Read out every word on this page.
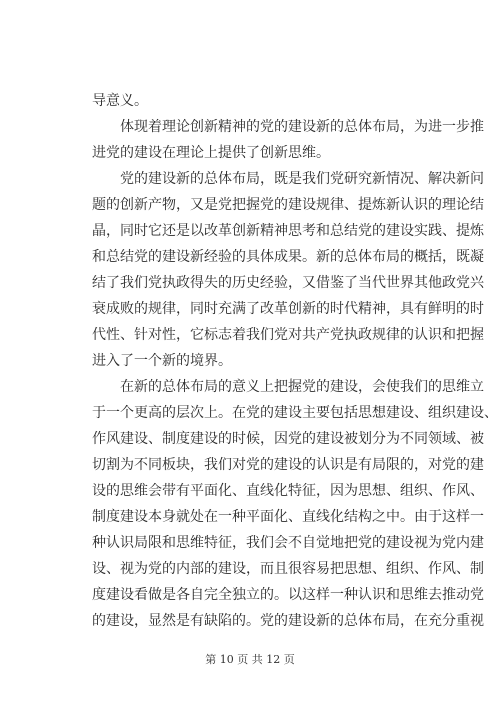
导意义。
体现着理论创新精神的党的建设新的总体布局，为进一步推
进党的建设在理论上提供了创新思维。
党的建设新的总体布局，既是我们党研究新情况、解决新问
题的创新产物，又是党把握党的建设规律、提炼新认识的理论结
晶，同时它还是以改革创新精神思考和总结党的建设实践、提炼
和总结党的建设新经验的具体成果。新的总体布局的概括，既凝
结了我们党执政得失的历史经验，又借鉴了当代世界其他政党兴
衰成败的规律，同时充满了改革创新的时代精神，具有鲜明的时
代性、针对性，它标志着我们党对共产党执政规律的认识和把握
进入了一个新的境界。
在新的总体布局的意义上把握党的建设，会使我们的思维立
于一个更高的层次上。在党的建设主要包括思想建设、组织建设、
作风建设、制度建设的时候，因党的建设被划分为不同领域、被
切割为不同板块，我们对党的建设的认识是有局限的，对党的建
设的思维会带有平面化、直线化特征，因为思想、组织、作风、
制度建设本身就处在一种平面化、直线化结构之中。由于这样一
种认识局限和思维特征，我们会不自觉地把党的建设视为党内建
设、视为党的内部的建设，而且很容易把思想、组织、作风、制
度建设看做是各自完全独立的。以这样一种认识和思维去推动党
的建设，显然是有缺陷的。党的建设新的总体布局，在充分重视
第 10 页 共 12 页
